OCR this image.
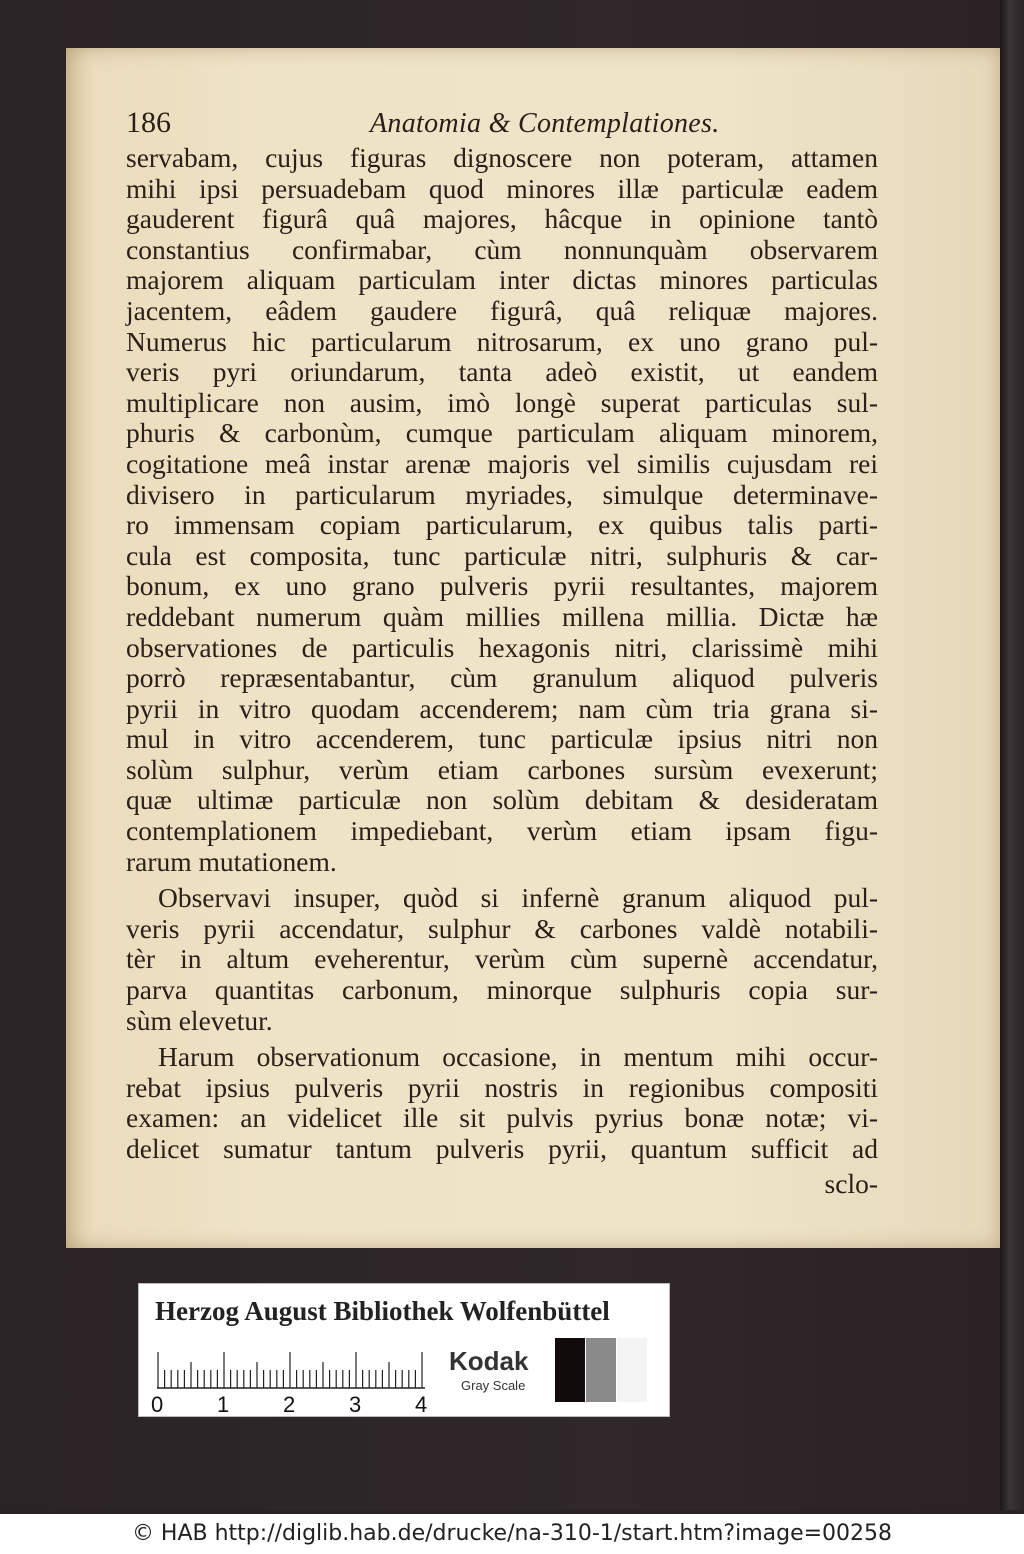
186	Anatomia & Contemplationes.
servabam, cujus figuras dignoscere non poteram, attamen
mihi ipsi persuadebam quod minores illæ particulæ eadem
gauderent figurâ quâ majores, hâcque in opinione tantò
constantius confirmabar, cùm nonnunquàm observarem
majorem aliquam particulam inter dictas minores particulas
jacentem, eâdem gaudere figurâ, quâ reliquæ majores.
Numerus hic particularum nitrosarum, ex uno grano pul-
veris pyri oriundarum, tanta adeò existit, ut eandem
multiplicare non ausim, imò longè superat particulas sul-
phuris & carbonùm, cumque particulam aliquam minorem,
cogitatione meâ instar arenæ majoris vel similis cujusdam rei
divisero in particularum myriades, simulque determinave-
ro immensam copiam particularum, ex quibus talis parti-
cula est composita, tunc particulæ nitri, sulphuris & car-
bonum, ex uno grano pulveris pyrii resultantes, majorem
reddebant numerum quàm millies millena millia. Dictæ hæ
observationes de particulis hexagonis nitri, clarissimè mihi
porrò repræsentabantur, cùm granulum aliquod pulveris
pyrii in vitro quodam accenderem; nam cùm tria grana si-
mul in vitro accenderem, tunc particulæ ipsius nitri non
solùm sulphur, verùm etiam carbones sursùm evexerunt;
quæ ultimæ particulæ non solùm debitam & desideratam
contemplationem impediebant, verùm etiam ipsam figu-
rarum mutationem.
Observavi insuper, quòd si infernè granum aliquod pul-
veris pyrii accendatur, sulphur & carbones valdè notabili-
tèr in altum eveherentur, verùm cùm supernè accendatur,
parva quantitas carbonum, minorque sulphuris copia sur-
sùm elevetur.
Harum observationum occasione, in mentum mihi occur-
rebat ipsius pulveris pyrii nostris in regionibus compositi
examen: an videlicet ille sit pulvis pyrius bonæ notæ; vi-
delicet sumatur tantum pulveris pyrii, quantum sufficit ad
sclo-
Herzog August Bibliothek Wolfenbüttel
0 1 2 3 4
Kodak
Gray Scale
© HAB http://diglib.hab.de/drucke/na-310-1/start.htm?image=00258
